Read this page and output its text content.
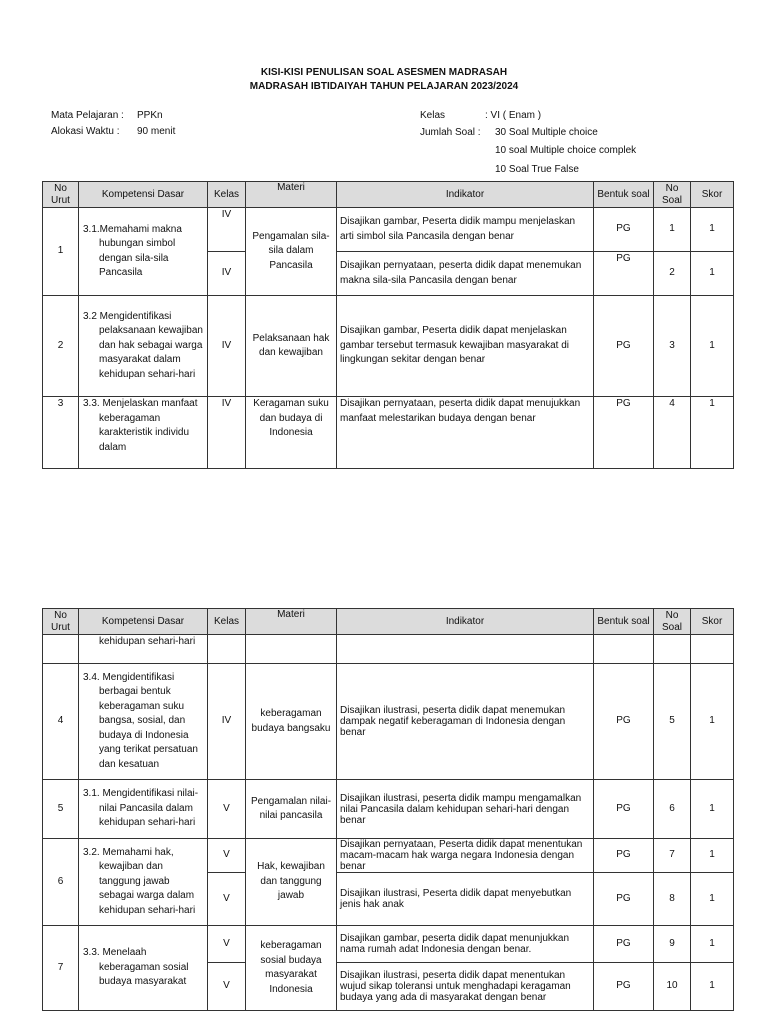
KISI-KISI PENULISAN SOAL ASESMEN MADRASAH
MADRASAH IBTIDAIYAH TAHUN PELAJARAN 2023/2024
Mata Pelajaran : PPKn
Alokasi Waktu : 90 menit
Kelas	: VI ( Enam )
Jumlah Soal : 30 Soal Multiple choice
10 soal Multiple choice complek
10 Soal True False
No Urut	Kompetensi Dasar	Kelas	Materi	Indikator	Bentuk soal	No Soal	Skor
1	3.1.Memahami makna hubungan simbol dengan sila-sila Pancasila	IV	Pengamalan sila-sila dalam Pancasila	Disajikan gambar, Peserta didik mampu menjelaskan arti simbol sila Pancasila dengan benar	PG	1	1
		IV		Disajikan pernyataan, peserta didik dapat menemukan makna sila-sila Pancasila dengan benar	PG	2	1
2	3.2 Mengidentifikasi pelaksanaan kewajiban dan hak sebagai warga masyarakat dalam kehidupan sehari-hari	IV	Pelaksanaan hak dan kewajiban	Disajikan gambar, Peserta didik dapat menjelaskan gambar tersebut termasuk kewajiban masyarakat di lingkungan sekitar dengan benar	PG	3	1
3	3.3. Menjelaskan manfaat keberagaman karakteristik individu dalam	IV	Keragaman suku dan budaya di Indonesia	Disajikan pernyataan, peserta didik dapat menujukkan manfaat melestarikan budaya dengan benar	PG	4	1
No Urut	Kompetensi Dasar	Kelas	Materi	Indikator	Bentuk soal	No Soal	Skor

	kehidupan sehari-hari						

4	3.4. Mengidentifikasi berbagai bentuk keberagaman suku bangsa, sosial, dan budaya di Indonesia yang terikat persatuan dan kesatuan	IV	keberagaman budaya bangsaku	Disajikan ilustrasi, peserta didik dapat menemukan dampak negatif keberagaman di Indonesia dengan benar	PG	5	1
5	3.1. Mengidentifikasi nilai-nilai Pancasila dalam kehidupan sehari-hari	V	Pengamalan nilai-nilai pancasila	Disajikan ilustrasi, peserta didik mampu mengamalkan nilai Pancasila dalam kehidupan sehari-hari dengan benar	PG	6	1
6	3.2. Memahami hak, kewajiban dan tanggung jawab sebagai warga dalam kehidupan sehari-hari	V	Hak, kewajiban dan tanggung jawab	Disajikan pernyataan, Peserta didik dapat menentukan macam-macam hak warga negara Indonesia dengan benar	PG	7	1
		V		Disajikan ilustrasi, Peserta didik dapat menyebutkan jenis hak anak	PG	8	1
7	3.3. Menelaah keberagaman sosial budaya masyarakat	V	keberagaman sosial budaya masyarakat Indonesia	Disajikan gambar, peserta didik dapat menunjukkan nama rumah adat Indonesia dengan benar.	PG	9	1
		V		Disajikan ilustrasi, peserta didik dapat menentukan wujud sikap toleransi untuk menghadapi keragaman budaya yang ada di masyarakat dengan benar	PG	10	1
